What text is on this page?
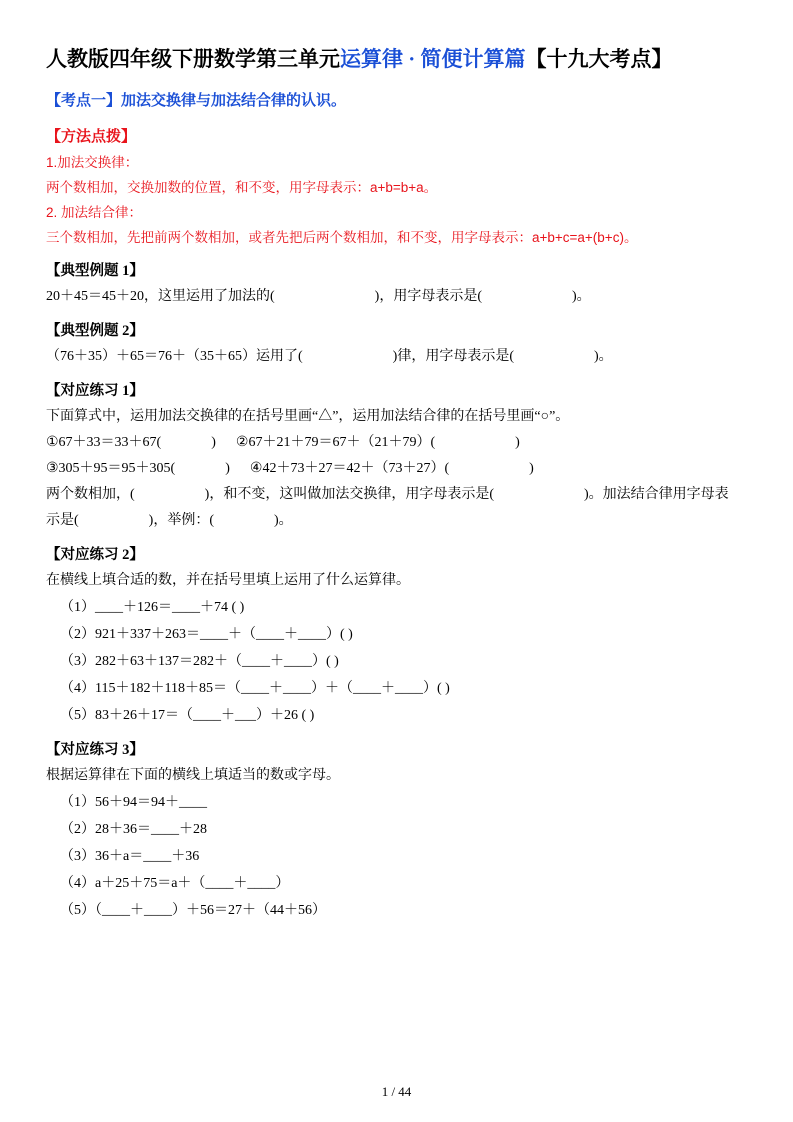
人教版四年级下册数学第三单元运算律 · 简便计算篇【十九大考点】
【考点一】加法交换律与加法结合律的认识。
【方法点拨】
1.加法交换律：
两个数相加，交换加数的位置，和不变，用字母表示：a+b=b+a。
2. 加法结合律：
三个数相加，先把前两个数相加，或者先把后两个数相加，和不变，用字母表示：a+b+c=a+(b+c)。
【典型例题 1】
20＋45＝45＋20，这里运用了加法的(	)，用字母表示是(	)。
【典型例题 2】
（76＋35）＋65＝76＋（35＋65）运用了(	)律，用字母表示是(	)。
【对应练习 1】
下面算式中，运用加法交换律的在括号里画“△”，运用加法结合律的在括号里画“○”。
①67＋33＝33＋67(	) ②67＋21＋79＝67＋（21＋79）(	)
③305＋95＝95＋305(	) ④42＋73＋27＝42＋（73＋27）(	)
两个数相加，(	)，和不变，这叫做加法交换律，用字母表示是(	)。加法结合律用字母表
示是(	)，举例：(	)。
【对应练习 2】
在横线上填合适的数，并在括号里填上运用了什么运算律。
（1）____＋126＝____＋74 ( )
（2）921＋337＋263＝____＋（____＋____）( )
（3）282＋63＋137＝282＋（____＋____）( )
（4）115＋182＋118＋85＝（____＋____）＋（____＋____）( )
（5）83＋26＋17＝（____＋___）＋26 ( )
【对应练习 3】
根据运算律在下面的横线上填适当的数或字母。
（1）56＋94＝94＋____
（2）28＋36＝____＋28
（3）36＋a＝____＋36
（4）a＋25＋75＝a＋（____＋____）
（5）（____＋____）＋56＝27＋（44＋56）
1 / 44
